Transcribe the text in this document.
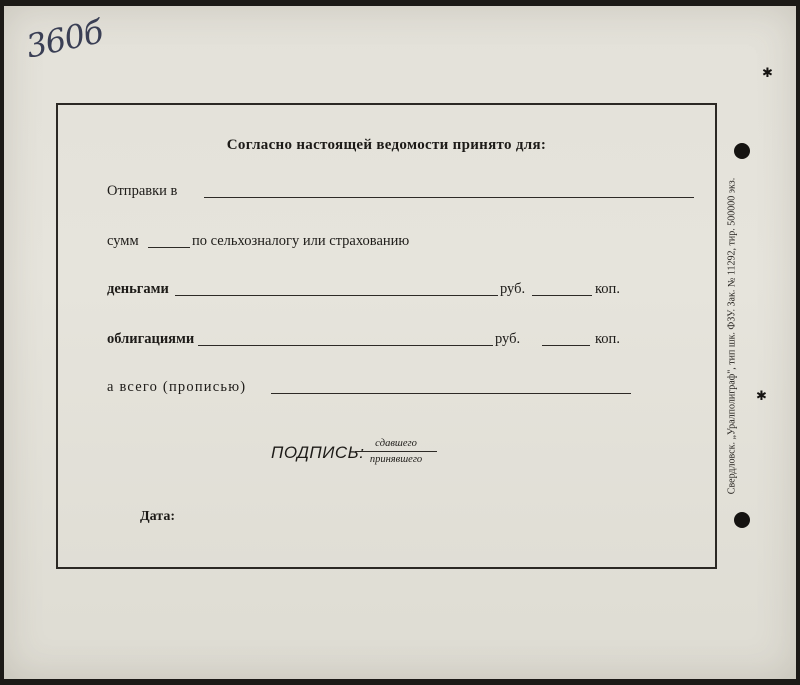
360б
Согласно настоящей ведомости принято для:
Отправки в
сумм	по сельхозналогу или страхованию
деньгами	руб.	коп.
облигациями	руб.	коп.
а всего (прописью)
ПОДПИСЬ:	сдавшего
принявшего
Дата:
Свердловск. „Уралполиграф", тип шк. ФЗУ. Зак. № 11292, тир. 500000 экз.
✱
✱
